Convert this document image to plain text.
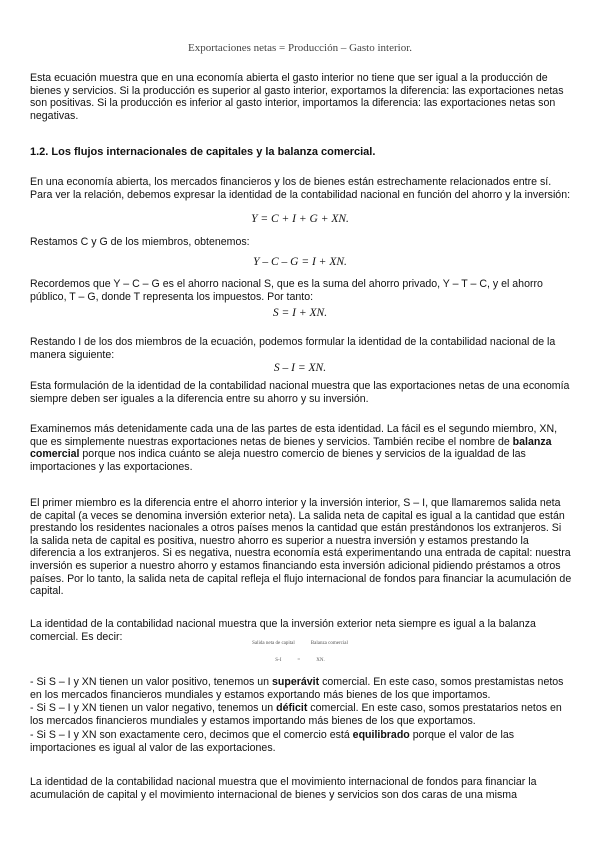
Exportaciones netas = Producción – Gasto interior.

Esta ecuación muestra que en una economía abierta el gasto interior no tiene que ser igual a la producción de bienes y servicios. Si la producción es superior al gasto interior, exportamos la diferencia: las exportaciones netas son positivas. Si la producción es inferior al gasto interior, importamos la diferencia: las exportaciones netas son negativas.

1.2. Los flujos internacionales de capitales y la balanza comercial.

En una economía abierta, los mercados financieros y los de bienes están estrechamente relacionados entre sí. Para ver la relación, debemos expresar la identidad de la contabilidad nacional en función del ahorro y la inversión:

Y = C + I + G + XN.

Restamos C y G de los miembros, obtenemos:

Y – C – G = I + XN.

Recordemos que Y – C – G es el ahorro nacional S, que es la suma del ahorro privado, Y – T – C, y el ahorro público, T – G, donde T representa los impuestos. Por tanto:

S = I + XN.

Restando I de los dos miembros de la ecuación, podemos formular la identidad de la contabilidad nacional de la manera siguiente:

S – I = XN.

Esta formulación de la identidad de la contabilidad nacional muestra que las exportaciones netas de una economía siempre deben ser iguales a la diferencia entre su ahorro y su inversión.

Examinemos más detenidamente cada una de las partes de esta identidad. La fácil es el segundo miembro, XN, que es simplemente nuestras exportaciones netas de bienes y servicios. También recibe el nombre de balanza comercial porque nos indica cuánto se aleja nuestro comercio de bienes y servicios de la igualdad de las importaciones y las exportaciones.

El primer miembro es la diferencia entre el ahorro interior y la inversión interior, S – I, que llamaremos salida neta de capital (a veces se denomina inversión exterior neta). La salida neta de capital es igual a la cantidad que están prestando los residentes nacionales a otros países menos la cantidad que están prestándonos los extranjeros. Si la salida neta de capital es positiva, nuestro ahorro es superior a nuestra inversión y estamos prestando la diferencia a los extranjeros. Si es negativa, nuestra economía está experimentando una entrada de capital: nuestra inversión es superior a nuestro ahorro y estamos financiando esta inversión adicional pidiendo préstamos a otros países. Por lo tanto, la salida neta de capital refleja el flujo internacional de fondos para financiar la acumulación de capital.

La identidad de la contabilidad nacional muestra que la inversión exterior neta siempre es igual a la balanza comercial. Es decir:

Salida neta de capital	Balanza comercial
S-I	=	XN.

- Si S – I y XN tienen un valor positivo, tenemos un superávit comercial. En este caso, somos prestamistas netos en los mercados financieros mundiales y estamos exportando más bienes de los que importamos.

- Si S – I y XN tienen un valor negativo, tenemos un déficit comercial. En este caso, somos prestatarios netos en los mercados financieros mundiales y estamos importando más bienes de los que exportamos.

- Si S – I y XN son exactamente cero, decimos que el comercio está equilibrado porque el valor de las importaciones es igual al valor de las exportaciones.

La identidad de la contabilidad nacional muestra que el movimiento internacional de fondos para financiar la acumulación de capital y el movimiento internacional de bienes y servicios son dos caras de una misma
